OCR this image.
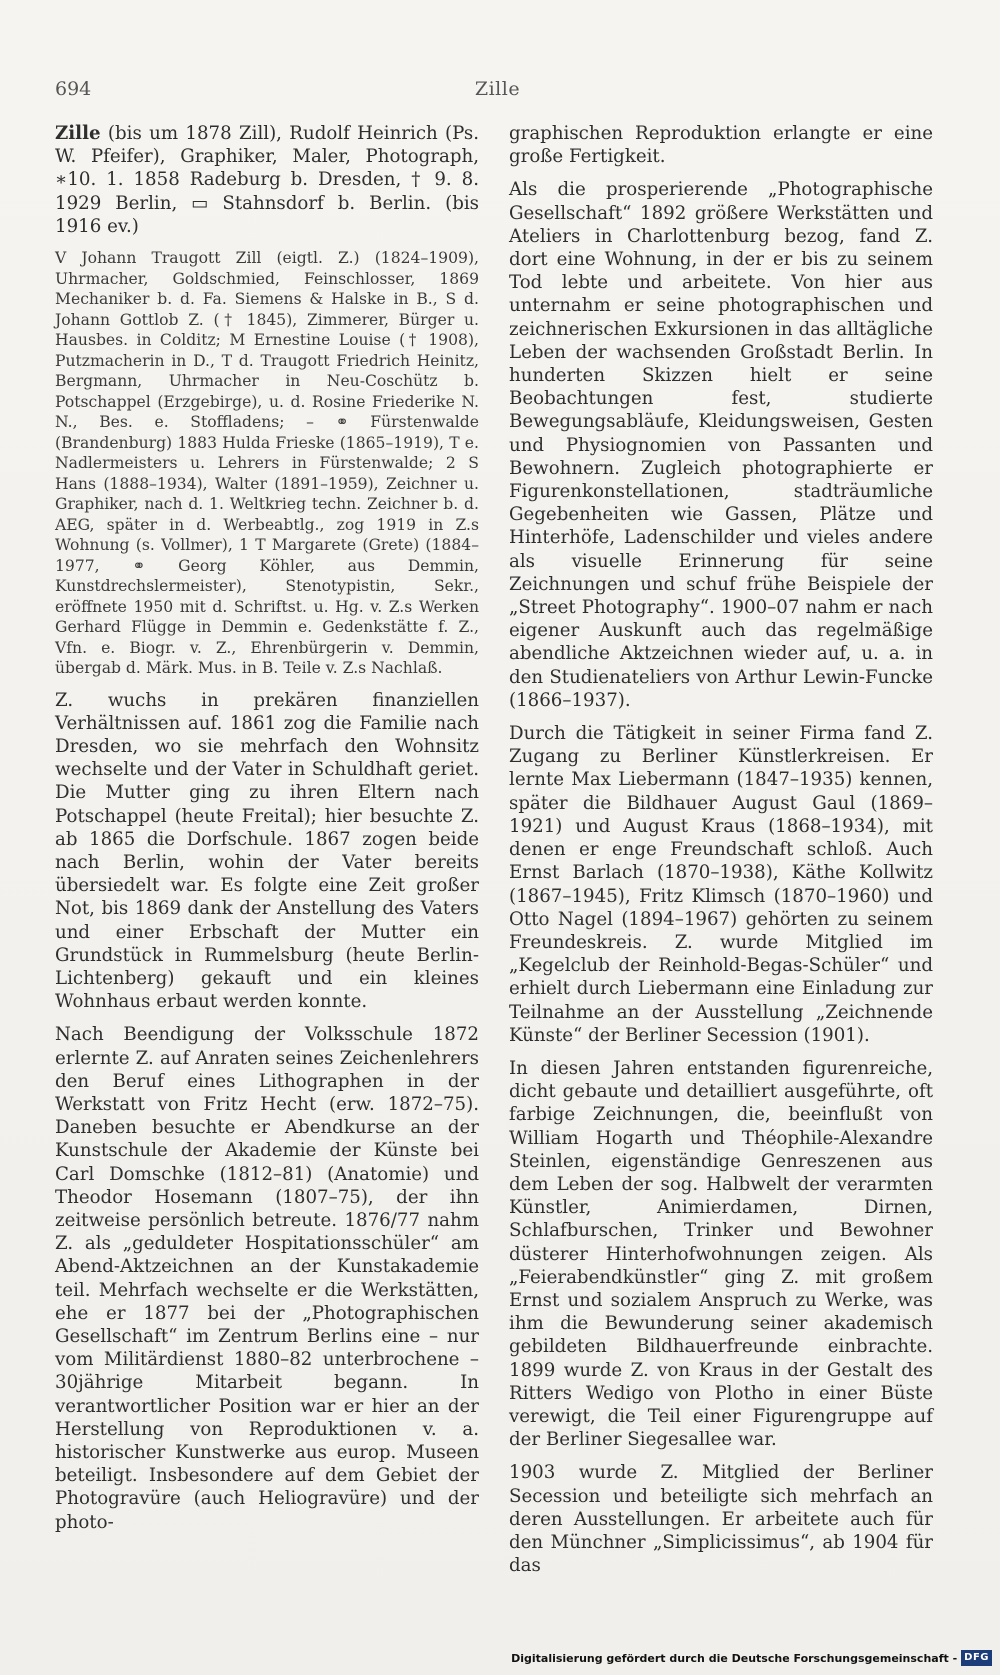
694	Zille

Zille (bis um 1878 Zill), Rudolf Heinrich (Ps. W. Pfeifer), Graphiker, Maler, Photograph, ∗10. 1. 1858 Radeburg b. Dresden, † 9. 8. 1929 Berlin, ▭ Stahnsdorf b. Berlin. (bis 1916 ev.)

V Johann Traugott Zill (eigtl. Z.) (1824–1909), Uhrmacher, Goldschmied, Feinschlosser, 1869 Mechaniker b. d. Fa. Siemens & Halske in B., S d. Johann Gottlob Z. († 1845), Zimmerer, Bürger u. Hausbes. in Colditz; M Ernestine Louise († 1908), Putzmacherin in D., T d. Traugott Friedrich Heinitz, Bergmann, Uhrmacher in Neu-Coschütz b. Potschappel (Erzgebirge), u. d. Rosine Friederike N. N., Bes. e. Stoffladens; – ⚭ Fürstenwalde (Brandenburg) 1883 Hulda Frieske (1865–1919), T e. Nadlermeisters u. Lehrers in Fürstenwalde; 2 S Hans (1888–1934), Walter (1891–1959), Zeichner u. Graphiker, nach d. 1. Weltkrieg techn. Zeichner b. d. AEG, später in d. Werbeabtlg., zog 1919 in Z.s Wohnung (s. Vollmer), 1 T Margarete (Grete) (1884–1977, ⚭ Georg Köhler, aus Demmin, Kunstdrechslermeister), Stenotypistin, Sekr., eröffnete 1950 mit d. Schriftst. u. Hg. v. Z.s Werken Gerhard Flügge in Demmin e. Gedenkstätte f. Z., Vfn. e. Biogr. v. Z., Ehrenbürgerin v. Demmin, übergab d. Märk. Mus. in B. Teile v. Z.s Nachlaß.

Z. wuchs in prekären finanziellen Verhältnissen auf. 1861 zog die Familie nach Dresden, wo sie mehrfach den Wohnsitz wechselte und der Vater in Schuldhaft geriet. Die Mutter ging zu ihren Eltern nach Potschappel (heute Freital); hier besuchte Z. ab 1865 die Dorfschule. 1867 zogen beide nach Berlin, wohin der Vater bereits übersiedelt war. Es folgte eine Zeit großer Not, bis 1869 dank der Anstellung des Vaters und einer Erbschaft der Mutter ein Grundstück in Rummelsburg (heute Berlin-Lichtenberg) gekauft und ein kleines Wohnhaus erbaut werden konnte.

Nach Beendigung der Volksschule 1872 erlernte Z. auf Anraten seines Zeichenlehrers den Beruf eines Lithographen in der Werkstatt von Fritz Hecht (erw. 1872–75). Daneben besuchte er Abendkurse an der Kunstschule der Akademie der Künste bei Carl Domschke (1812–81) (Anatomie) und Theodor Hosemann (1807–75), der ihn zeitweise persönlich betreute. 1876/77 nahm Z. als „geduldeter Hospitationsschüler“ am Abend-Aktzeichnen an der Kunstakademie teil. Mehrfach wechselte er die Werkstätten, ehe er 1877 bei der „Photographischen Gesellschaft“ im Zentrum Berlins eine – nur vom Militärdienst 1880–82 unterbrochene – 30jährige Mitarbeit begann. In verantwortlicher Position war er hier an der Herstellung von Reproduktionen v. a. historischer Kunstwerke aus europ. Museen beteiligt. Insbesondere auf dem Gebiet der Photogravüre (auch Heliogravüre) und der photo-

graphischen Reproduktion erlangte er eine große Fertigkeit.

Als die prosperierende „Photographische Gesellschaft“ 1892 größere Werkstätten und Ateliers in Charlottenburg bezog, fand Z. dort eine Wohnung, in der er bis zu seinem Tod lebte und arbeitete. Von hier aus unternahm er seine photographischen und zeichnerischen Exkursionen in das alltägliche Leben der wachsenden Großstadt Berlin. In hunderten Skizzen hielt er seine Beobachtungen fest, studierte Bewegungsabläufe, Kleidungsweisen, Gesten und Physiognomien von Passanten und Bewohnern. Zugleich photographierte er Figurenkonstellationen, stadträumliche Gegebenheiten wie Gassen, Plätze und Hinterhöfe, Ladenschilder und vieles andere als visuelle Erinnerung für seine Zeichnungen und schuf frühe Beispiele der „Street Photography“. 1900–07 nahm er nach eigener Auskunft auch das regelmäßige abendliche Aktzeichnen wieder auf, u. a. in den Studienateliers von Arthur Lewin-Funcke (1866–1937).

Durch die Tätigkeit in seiner Firma fand Z. Zugang zu Berliner Künstlerkreisen. Er lernte Max Liebermann (1847–1935) kennen, später die Bildhauer August Gaul (1869–1921) und August Kraus (1868–1934), mit denen er enge Freundschaft schloß. Auch Ernst Barlach (1870–1938), Käthe Kollwitz (1867–1945), Fritz Klimsch (1870–1960) und Otto Nagel (1894–1967) gehörten zu seinem Freundeskreis. Z. wurde Mitglied im „Kegelclub der Reinhold-Begas-Schüler“ und erhielt durch Liebermann eine Einladung zur Teilnahme an der Ausstellung „Zeichnende Künste“ der Berliner Secession (1901).

In diesen Jahren entstanden figurenreiche, dicht gebaute und detailliert ausgeführte, oft farbige Zeichnungen, die, beeinflußt von William Hogarth und Théophile-Alexandre Steinlen, eigenständige Genreszenen aus dem Leben der sog. Halbwelt der verarmten Künstler, Animierdamen, Dirnen, Schlafburschen, Trinker und Bewohner düsterer Hinterhofwohnungen zeigen. Als „Feierabendkünstler“ ging Z. mit großem Ernst und sozialem Anspruch zu Werke, was ihm die Bewunderung seiner akademisch gebildeten Bildhauerfreunde einbrachte. 1899 wurde Z. von Kraus in der Gestalt des Ritters Wedigo von Plotho in einer Büste verewigt, die Teil einer Figurengruppe auf der Berliner Siegesallee war.

1903 wurde Z. Mitglied der Berliner Secession und beteiligte sich mehrfach an deren Ausstellungen. Er arbeitete auch für den Münchner „Simplicissimus“, ab 1904 für das

Digitalisierung gefördert durch die Deutsche Forschungsgemeinschaft - DFG
